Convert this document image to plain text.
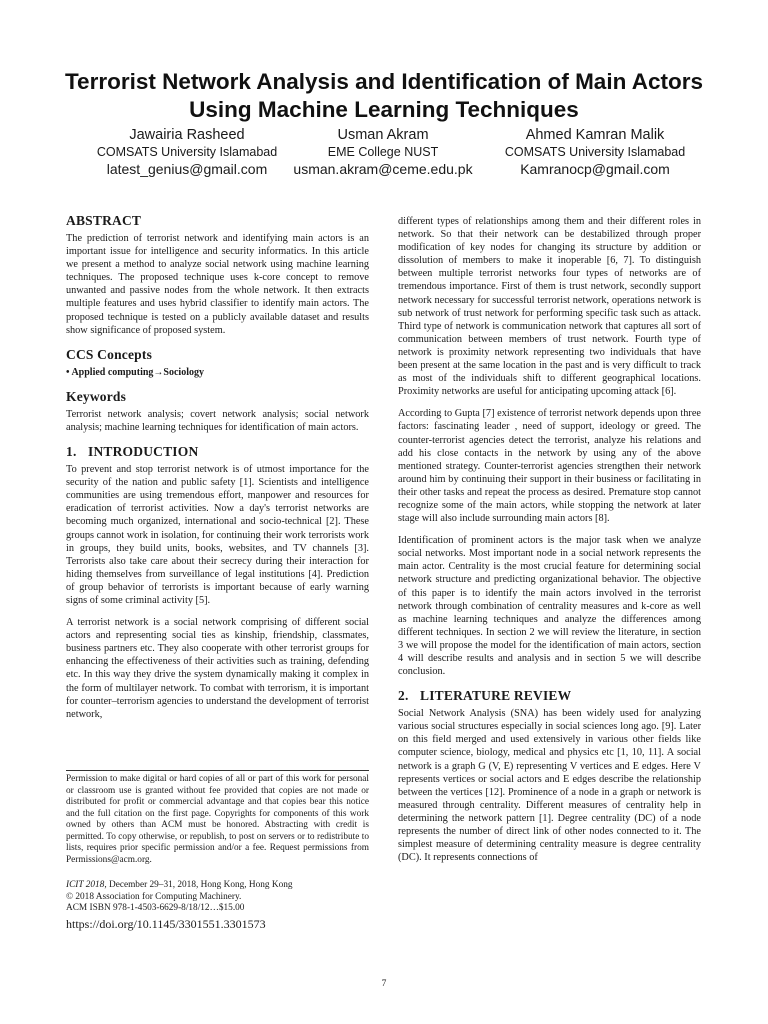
Terrorist Network Analysis and Identification of Main Actors Using Machine Learning Techniques
Jawairia Rasheed
COMSATS University Islamabad
latest_genius@gmail.com
Usman Akram
EME College NUST
usman.akram@ceme.edu.pk
Ahmed Kamran Malik
COMSATS University Islamabad
Kamranocp@gmail.com
ABSTRACT

The prediction of terrorist network and identifying main actors is an important issue for intelligence and security informatics. In this article we present a method to analyze social network using machine learning techniques. The proposed technique uses k-core concept to remove unwanted and passive nodes from the whole network. It then extracts multiple features and uses hybrid classifier to identify main actors. The proposed technique is tested on a publicly available dataset and results show significance of proposed system.

CCS Concepts
• Applied computing→Sociology
Keywords

Terrorist network analysis; covert network analysis; social network analysis; machine learning techniques for identification of main actors.

1. INTRODUCTION

To prevent and stop terrorist network is of utmost importance for the security of the nation and public safety [1]. Scientists and intelligence communities are using tremendous effort, manpower and resources for eradication of terrorist activities. Now a day's terrorist networks are becoming much organized, international and socio-technical [2]. These groups cannot work in isolation, for continuing their work terrorists work in groups, they build units, books, websites, and TV channels [3]. Terrorists also take care about their secrecy during their interaction for hiding themselves from surveillance of legal institutions [4]. Prediction of group behavior of terrorists is important because of early warning signs of some criminal activity [5].

A terrorist network is a social network comprising of different social actors and representing social ties as kinship, friendship, classmates, business partners etc. They also cooperate with other terrorist groups for enhancing the effectiveness of their activities such as training, defending etc. In this way they drive the system dynamically making it complex in the form of multilayer network. To combat with terrorism, it is important for counter–terrorism agencies to understand the development of terrorist network,

different types of relationships among them and their different roles in network. So that their network can be destabilized through proper modification of key nodes for changing its structure by addition or dissolution of members to make it inoperable [6, 7]. To distinguish between multiple terrorist networks four types of networks are of tremendous importance. First of them is trust network, secondly support network necessary for successful terrorist network, operations network is sub network of trust network for performing specific task such as attack. Third type of network is communication network that captures all sort of communication between members of trust network. Fourth type of network is proximity network representing two individuals that have been present at the same location in the past and is very difficult to track as most of the individuals shift to different geographical locations. Proximity networks are useful for anticipating upcoming attack [6].

According to Gupta [7] existence of terrorist network depends upon three factors: fascinating leader , need of support, ideology or greed. The counter-terrorist agencies detect the terrorist, analyze his relations and add his close contacts in the network by using any of the above mentioned strategy. Counter-terrorist agencies strengthen their network around him by continuing their support in their business or facilitating in their other tasks and repeat the process as desired. Premature stop cannot recognize some of the main actors, while stopping the network at later stage will also include surrounding main actors [8].

Identification of prominent actors is the major task when we analyze social networks. Most important node in a social network represents the main actor. Centrality is the most crucial feature for determining social network structure and predicting organizational behavior. The objective of this paper is to identify the main actors involved in the terrorist network through combination of centrality measures and k-core as well as machine learning techniques and analyze the differences among different techniques. In section 2 we will review the literature, in section 3 we will propose the model for the identification of main actors, section 4 will describe results and analysis and in section 5 we will describe conclusion.

2. LITERATURE REVIEW

Social Network Analysis (SNA) has been widely used for analyzing various social structures especially in social sciences long ago. [9]. Later on this field merged and used extensively in various other fields like computer science, biology, medical and physics etc [1, 10, 11]. A social network is a graph G (V, E) representing V vertices and E edges. Here V represents vertices or social actors and E edges describe the relationship between the vertices [12]. Prominence of a node in a graph or network is measured through centrality. Different measures of centrality help in determining the network pattern [1]. Degree centrality (DC) of a node represents the number of direct link of other nodes connected to it. The simplest measure of determining centrality measure is degree centrality (DC). It represents connections of

Permission to make digital or hard copies of all or part of this work for personal or classroom use is granted without fee provided that copies are not made or distributed for profit or commercial advantage and that copies bear this notice and the full citation on the first page. Copyrights for components of this work owned by others than ACM must be honored. Abstracting with credit is permitted. To copy otherwise, or republish, to post on servers or to redistribute to lists, requires prior specific permission and/or a fee. Request permissions from Permissions@acm.org.

ICIT 2018, December 29–31, 2018, Hong Kong, Hong Kong
© 2018 Association for Computing Machinery.
ACM ISBN 978-1-4503-6629-8/18/12…$15.00
https://doi.org/10.1145/3301551.3301573
7
